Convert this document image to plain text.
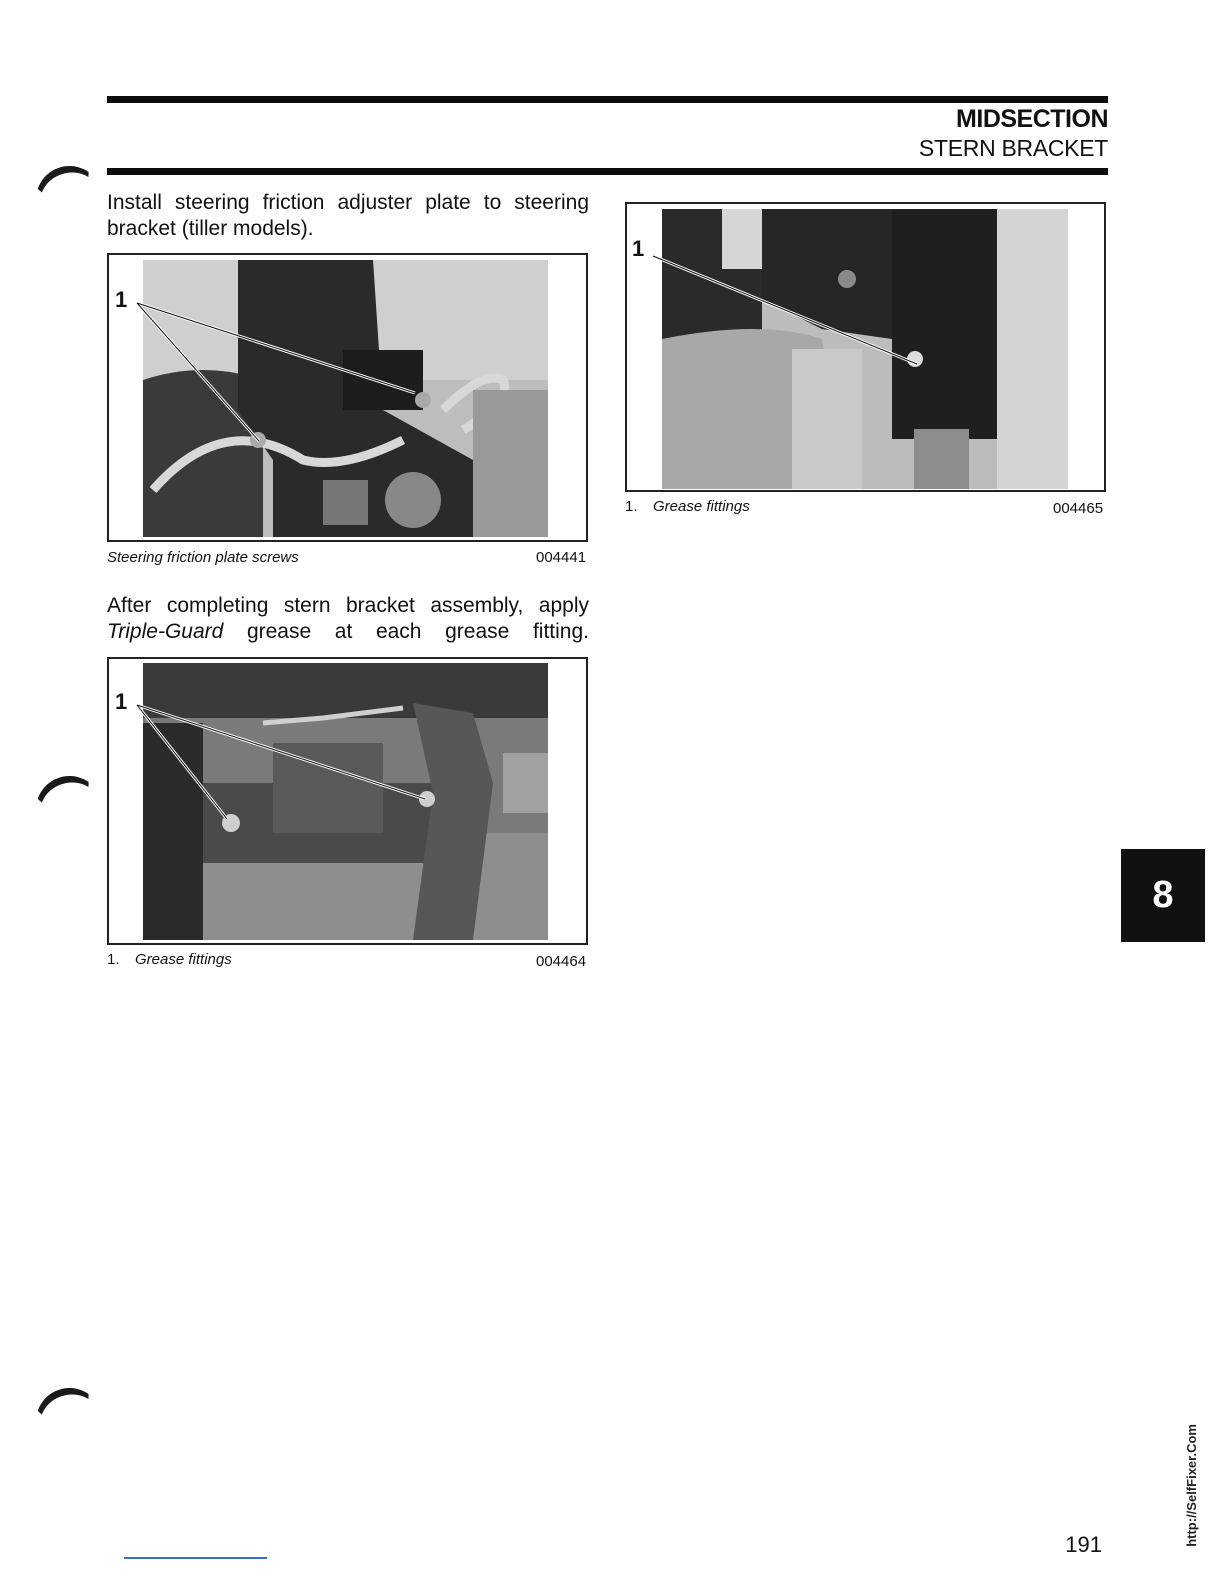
MIDSECTION
STERN BRACKET
Install steering friction adjuster plate to steering bracket (tiller models).
1
Steering friction plate screws	004441
After completing stern bracket assembly, apply
Triple-Guard grease at each grease fitting.
1
1. Grease fittings	004464
1
1. Grease fittings	004465
8
http://SelfFixer.Com
191
